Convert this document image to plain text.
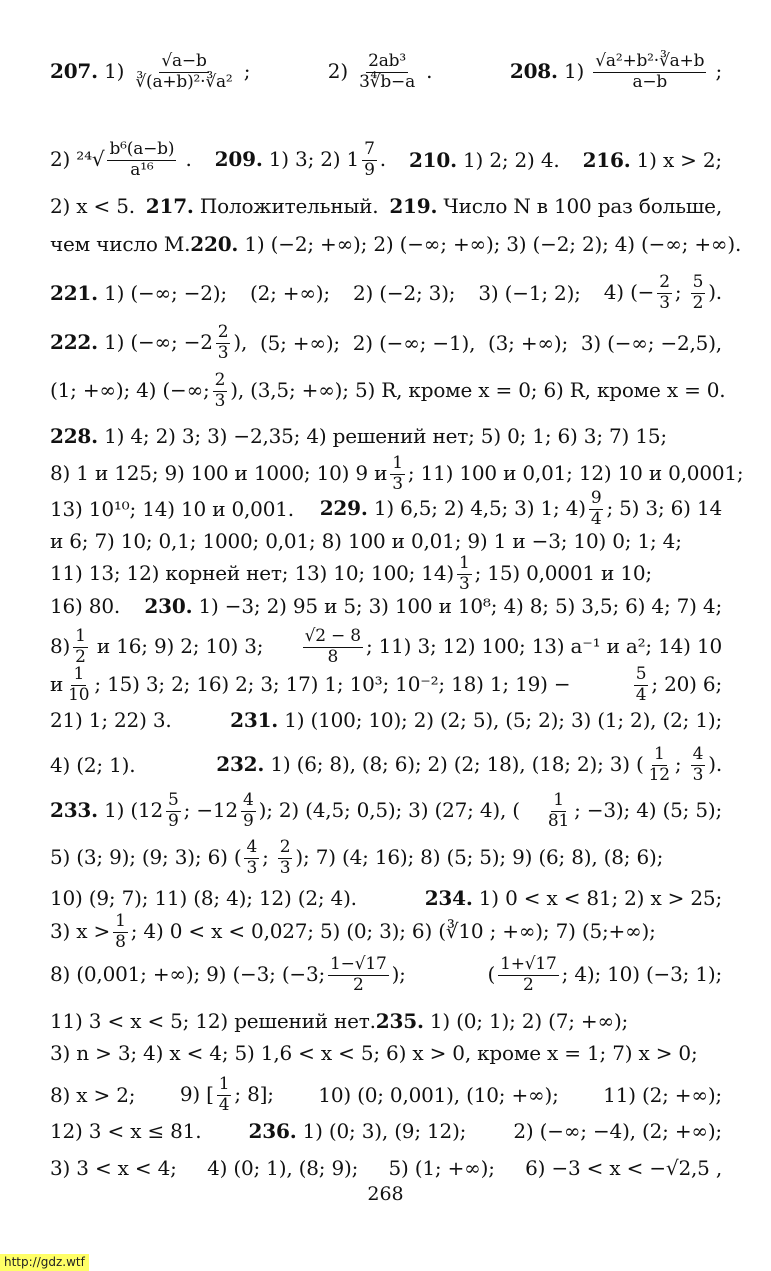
207. $1) \frac{√a-b}{\text{∛(a+b)²·∛a²}}$ ;	$2) \frac{\text{2ab³}}{3∜b-a}$ .	208. $1) \frac{\text{√a²+b²·∛a+b}}{a-b}$ ;
2) $^{24}√ \frac{\text{b⁶(a−b)}}{\text{a¹⁶}}$ . 209. 1) 3; 2) $1 \frac{7}{9}$ . 210. 1) 2; 2) 4. 216. 1) x > 2;
2) x < 5. 217. Положительный. 219. Число N в 100 раз больше,
чем число M. 220. 1) (−2; +∞); 2) (−∞; +∞); 3) (−2; 2); 4) (−∞; +∞).
221. 1) (−∞; −2); (2; +∞); 2) (−2; 3); 3) (−1; 2); 4) (− $\frac{2}{3}$ ; $\frac{5}{2}$ ).
222. 1) (−∞; $-2 \frac{2}{3}$ ), (5; +∞); 2) (−∞; −1), (3; +∞); 3) (−∞; −2,5),
(1; +∞); 4) (−∞; $\frac{2}{3}$ ), (3,5; +∞); 5) R, кроме x = 0; 6) R, кроме x = 0.
228. 1) 4; 2) 3; 3) −2,35; 4) решений нет; 5) 0; 1; 6) 3; 7) 15;
8) 1 и 125; 9) 100 и 1000; 10) 9 и $\frac{1}{3}$ ; 11) 100 и 0,01; 12) 10 и 0,0001;
13) 10¹⁰; 14) 10 и 0,001. 229. 1) 6,5; 2) 4,5; 3) 1; $4) \frac{9}{4}$ ; 5) 3; 6) 14
и 6; 7) 10; 0,1; 1000; 0,01; 8) 100 и 0,01; 9) 1 и −3; 10) 0; 1; 4;
11) 13; 12) корней нет; 13) 10; 100; $14) \frac{1}{3}$ ; 15) 0,0001 и 10;
16) 80. 230. 1) −3; 2) 95 и 5; 3) 100 и 10⁸; 4) 8; 5) 3,5; 6) 4; 7) 4;
$8) \frac{1}{2}$ и 16; 9) 2; 10) 3; $\frac{√2 - 8}{8}$ ; 11) 3; 12) 100; 13) a⁻¹ и a²; 14) 10
и $\frac{1}{10}$ ; 15) 3; 2; 16) 2; 3; 17) 1; 10³; 10⁻²; 18) 1; 19) −	$\frac{5}{4}$ ; 20) 6;
21) 1; 22) 3.	231. 1) (100; 10); 2) (2; 5), (5; 2); 3) (1; 2), (2; 1);
4) (2; 1).	232. 1) (6; 8), (8; 6); 2) (2; 18), (18; 2); 3) ( $\frac{1}{12}$ ; $\frac{4}{3}$ ).
233. 1) ($12 \frac{5}{9}$ ; $-12 \frac{4}{9}$ ); 2) (4,5; 0,5); 3) (27; 4), ( $\frac{1}{81}$ ; −3); 4) (5; 5);
5) (3; 9); (9; 3); 6) ( $\frac{4}{3}$ ; $\frac{2}{3}$ ); 7) (4; 16); 8) (5; 5); 9) (6; 8), (8; 6);
10) (9; 7); 11) (8; 4); 12) (2; 4).	234. 1) 0 < x < 81; 2) x > 25;
3) $x > \frac{1}{8}$ ; 4) 0 < x < 0,027; 5) (0; 3); 6) (∛10 ; +∞); 7) (5;+∞);
8) (0,001; +∞); 9) (−3; (−3; $\frac{1-√17}{2}$ );	( $\frac{1+√17}{2}$ ; 4); 10) (−3; 1);
11) 3 < x < 5; 12) решений нет. 235. 1) (0; 1); 2) (7; +∞);
3) n > 3; 4) x < 4; 5) 1,6 < x < 5; 6) x > 0, кроме x = 1; 7) x > 0;
8) x > 2; 9) [ $\frac{1}{4}$ ; 8]; 10) (0; 0,001), (10; +∞); 11) (2; +∞);
12) 3 < x ≤ 81. 236. 1) (0; 3), (9; 12); 2) (−∞; −4), (2; +∞);
3) 3 < x < 4; 4) (0; 1), (8; 9); 5) (1; +∞); 6) −3 < x < −√2,5 ,
268
http://gdz.wtf
